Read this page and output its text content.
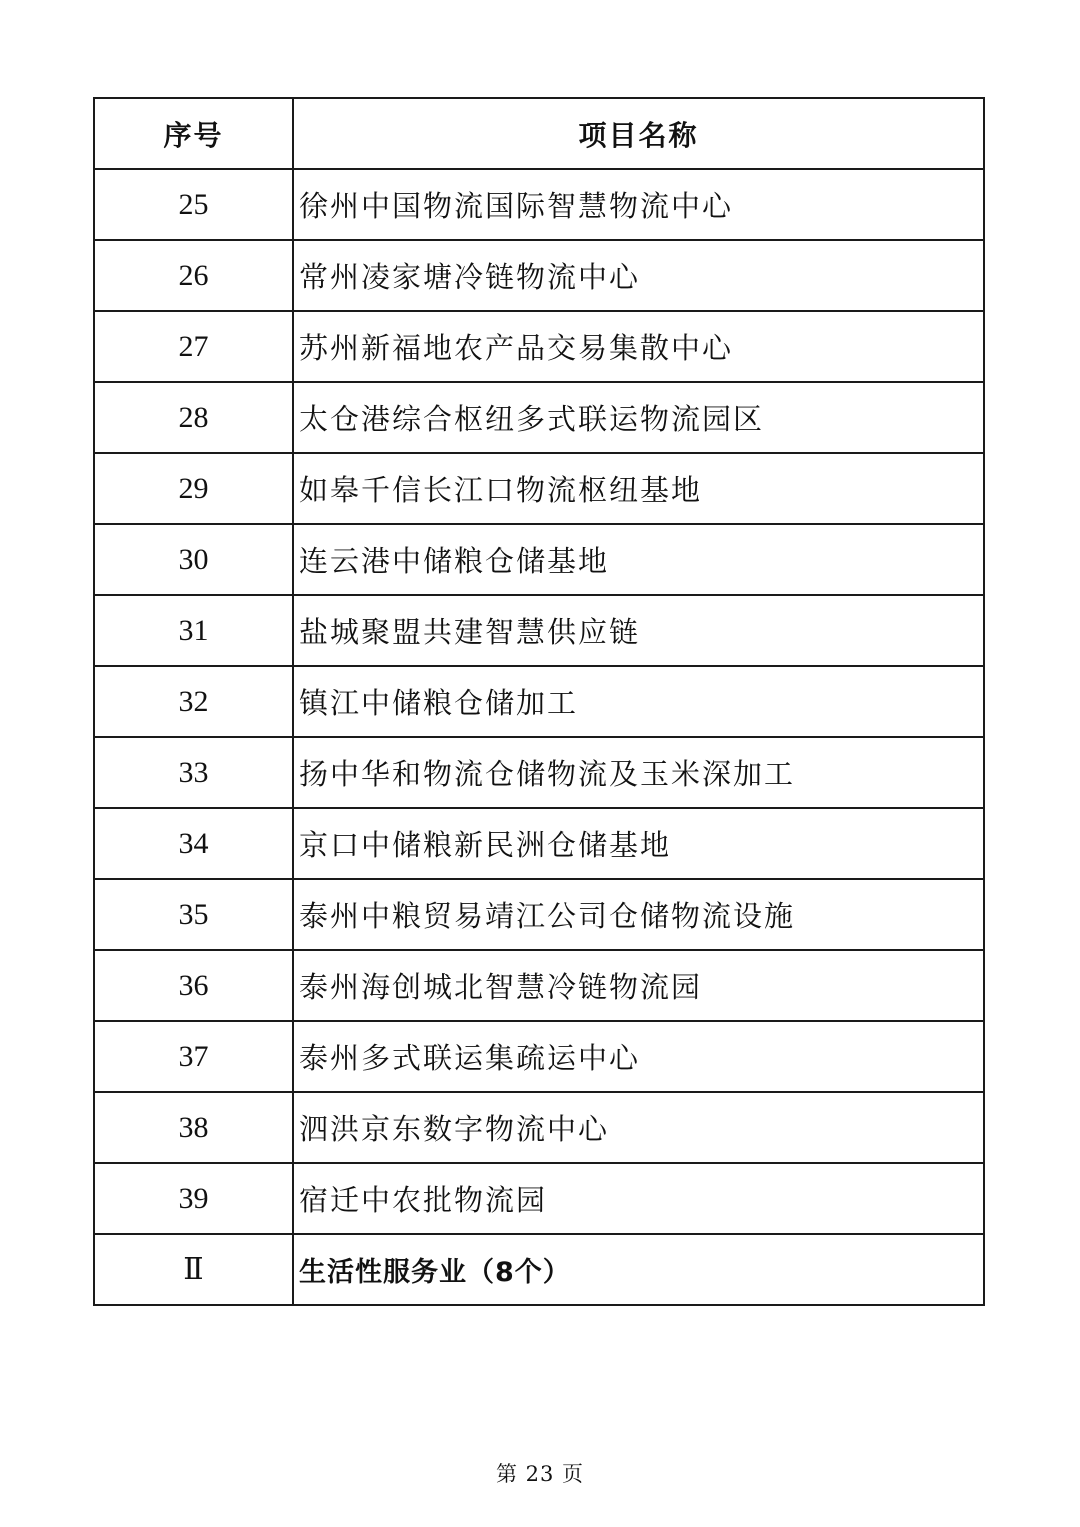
序号	项目名称
25	徐州中国物流国际智慧物流中心
26	常州凌家塘冷链物流中心
27	苏州新福地农产品交易集散中心
28	太仓港综合枢纽多式联运物流园区
29	如皋千信长江口物流枢纽基地
30	连云港中储粮仓储基地
31	盐城聚盟共建智慧供应链
32	镇江中储粮仓储加工
33	扬中华和物流仓储物流及玉米深加工
34	京口中储粮新民洲仓储基地
35	泰州中粮贸易靖江公司仓储物流设施
36	泰州海创城北智慧冷链物流园
37	泰州多式联运集疏运中心
38	泗洪京东数字物流中心
39	宿迁中农批物流园
Ⅱ	生活性服务业（8个）
第 23 页
